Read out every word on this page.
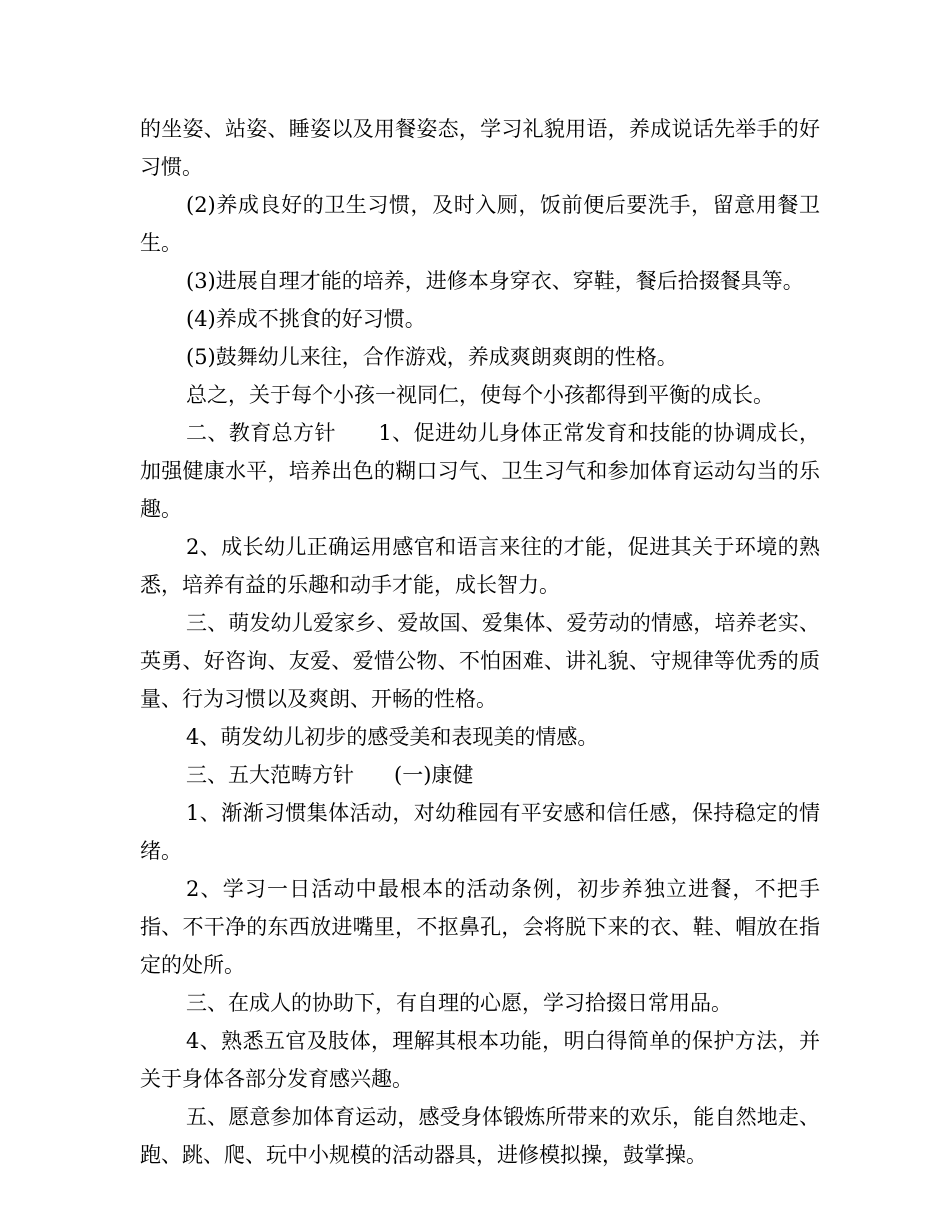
的坐姿、站姿、睡姿以及用餐姿态，学习礼貌用语，养成说话先举手的好习惯。

(2)养成良好的卫生习惯，及时入厕，饭前便后要洗手，留意用餐卫生。

(3)进展自理才能的培养，进修本身穿衣、穿鞋，餐后拾掇餐具等。

(4)养成不挑食的好习惯。

(5)鼓舞幼儿来往，合作游戏，养成爽朗爽朗的性格。

总之，关于每个小孩一视同仁，使每个小孩都得到平衡的成长。

二、教育总方针      1、促进幼儿身体正常发育和技能的协调成长，加强健康水平，培养出色的糊口习气、卫生习气和参加体育运动勾当的乐趣。

2、成长幼儿正确运用感官和语言来往的才能，促进其关于环境的熟悉，培养有益的乐趣和动手才能，成长智力。

三、萌发幼儿爱家乡、爱故国、爱集体、爱劳动的情感，培养老实、英勇、好咨询、友爱、爱惜公物、不怕困难、讲礼貌、守规律等优秀的质量、行为习惯以及爽朗、开畅的性格。

4、萌发幼儿初步的感受美和表现美的情感。

三、五大范畴方针      (一)康健

1、渐渐习惯集体活动，对幼稚园有平安感和信任感，保持稳定的情绪。

2、学习一日活动中最根本的活动条例，初步养独立进餐，不把手指、不干净的东西放进嘴里，不抠鼻孔，会将脱下来的衣、鞋、帽放在指定的处所。

三、在成人的协助下，有自理的心愿，学习拾掇日常用品。

4、熟悉五官及肢体，理解其根本功能，明白得简单的保护方法，并关于身体各部分发育感兴趣。

五、愿意参加体育运动，感受身体锻炼所带来的欢乐，能自然地走、跑、跳、爬、玩中小规模的活动器具，进修模拟操，鼓掌操。
